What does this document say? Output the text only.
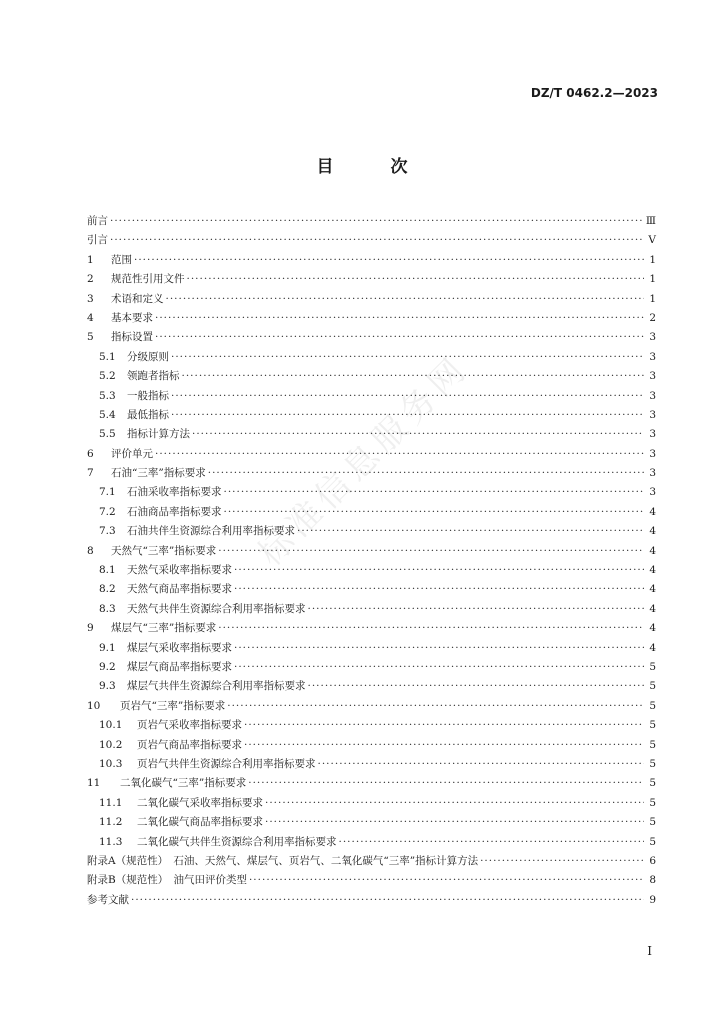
DZ/T 0462.2—2023
目　次
标准信息服务网
前言 ·····	Ⅲ
引言 ·····	Ⅴ
1 范围 ·····	1
2 规范性引用文件 ·····	1
3 术语和定义 ·····	1
4 基本要求 ·····	2
5 指标设置 ·····	3
5.1 分级原则 ·····	3
5.2 领跑者指标 ·····	3
5.3 一般指标 ·····	3
5.4 最低指标 ·····	3
5.5 指标计算方法 ·····	3
6 评价单元 ·····	3
7 石油“三率”指标要求 ·····	3
7.1 石油采收率指标要求 ·····	3
7.2 石油商品率指标要求 ·····	4
7.3 石油共伴生资源综合利用率指标要求 ·····	4
8 天然气“三率”指标要求 ·····	4
8.1 天然气采收率指标要求 ·····	4
8.2 天然气商品率指标要求 ·····	4
8.3 天然气共伴生资源综合利用率指标要求 ·····	4
9 煤层气“三率”指标要求 ·····	4
9.1 煤层气采收率指标要求 ·····	4
9.2 煤层气商品率指标要求 ·····	5
9.3 煤层气共伴生资源综合利用率指标要求 ·····	5
10 页岩气“三率”指标要求 ·····	5
10.1 页岩气采收率指标要求 ·····	5
10.2 页岩气商品率指标要求 ·····	5
10.3 页岩气共伴生资源综合利用率指标要求 ·····	5
11 二氧化碳气“三率”指标要求 ·····	5
11.1 二氧化碳气采收率指标要求 ·····	5
11.2 二氧化碳气商品率指标要求 ·····	5
11.3 二氧化碳气共伴生资源综合利用率指标要求 ·····	5
附录A（规范性）　石油、天然气、煤层气、页岩气、二氧化碳气“三率”指标计算方法 ·····	6
附录B（规范性）　油气田评价类型 ·····	8
参考文献 ·····	9
I
